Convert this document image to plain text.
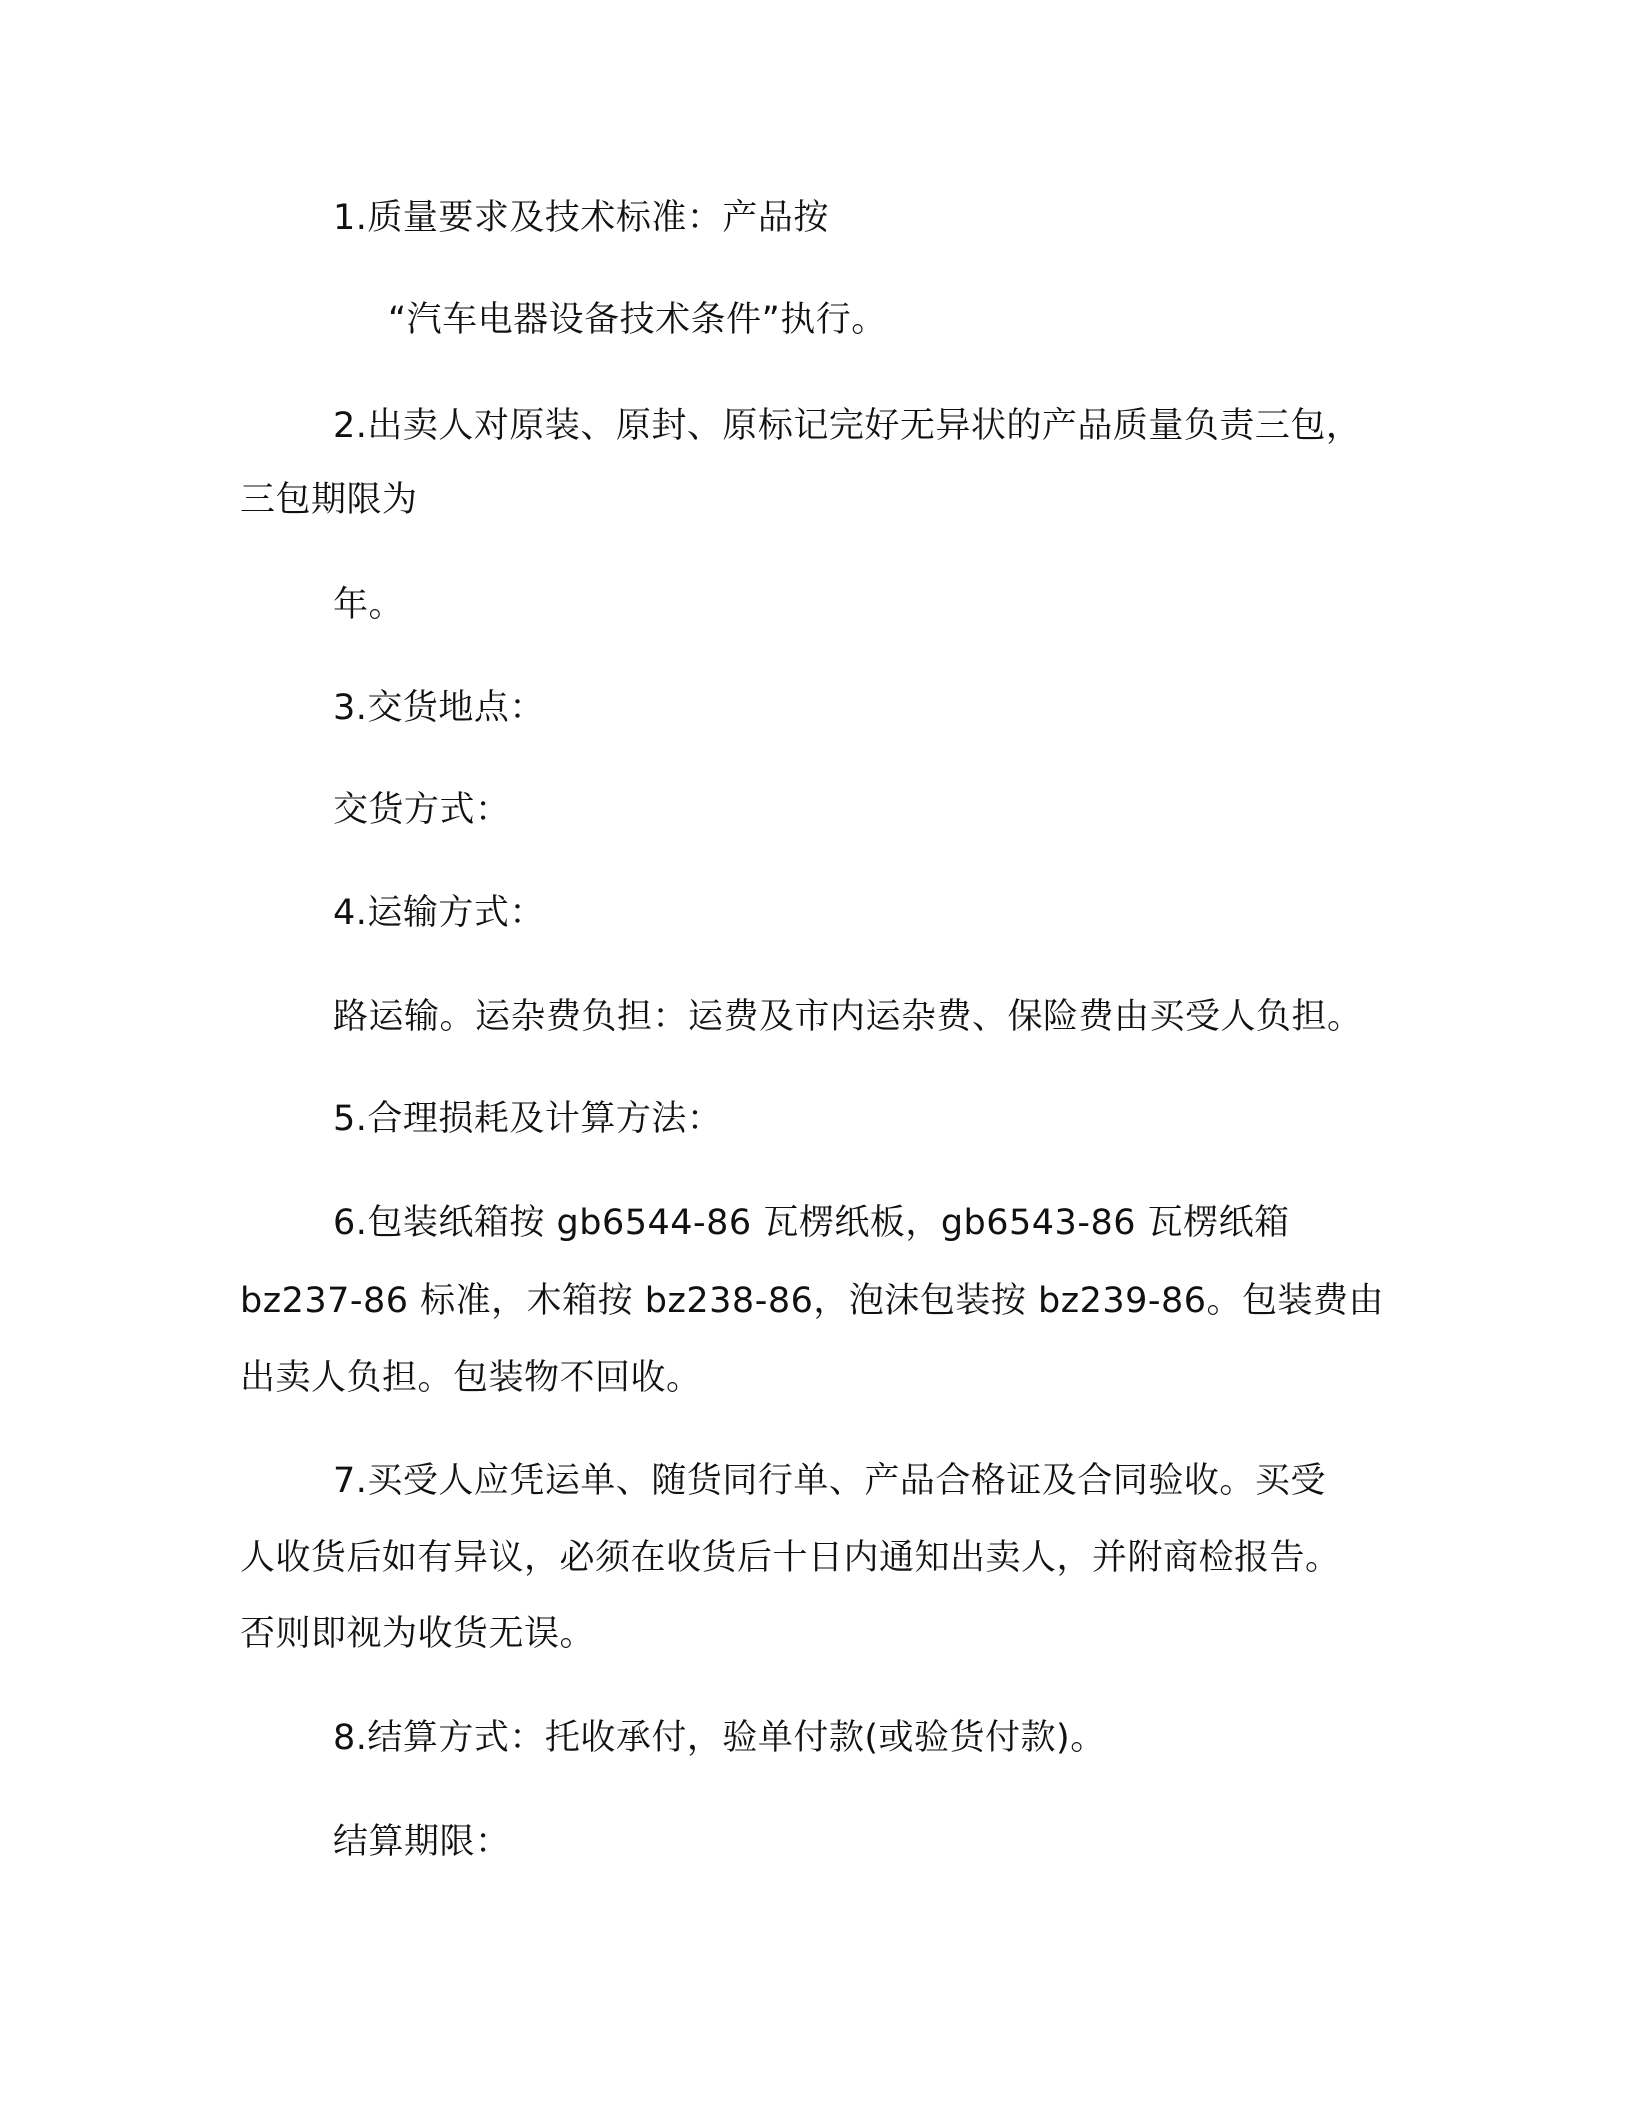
1.质量要求及技术标准：产品按
“汽车电器设备技术条件”执行。
2.出卖人对原装、原封、原标记完好无异状的产品质量负责三包，
三包期限为
年。
3.交货地点：
交货方式：
4.运输方式：
路运输。运杂费负担：运费及市内运杂费、保险费由买受人负担。
5.合理损耗及计算方法：
6.包装纸箱按 gb6544-86 瓦楞纸板，gb6543-86 瓦楞纸箱
bz237-86 标准，木箱按 bz238-86，泡沫包装按 bz239-86。包装费由
出卖人负担。包装物不回收。
7.买受人应凭运单、随货同行单、产品合格证及合同验收。买受
人收货后如有异议，必须在收货后十日内通知出卖人，并附商检报告。
否则即视为收货无误。
8.结算方式：托收承付，验单付款(或验货付款)。
结算期限：
